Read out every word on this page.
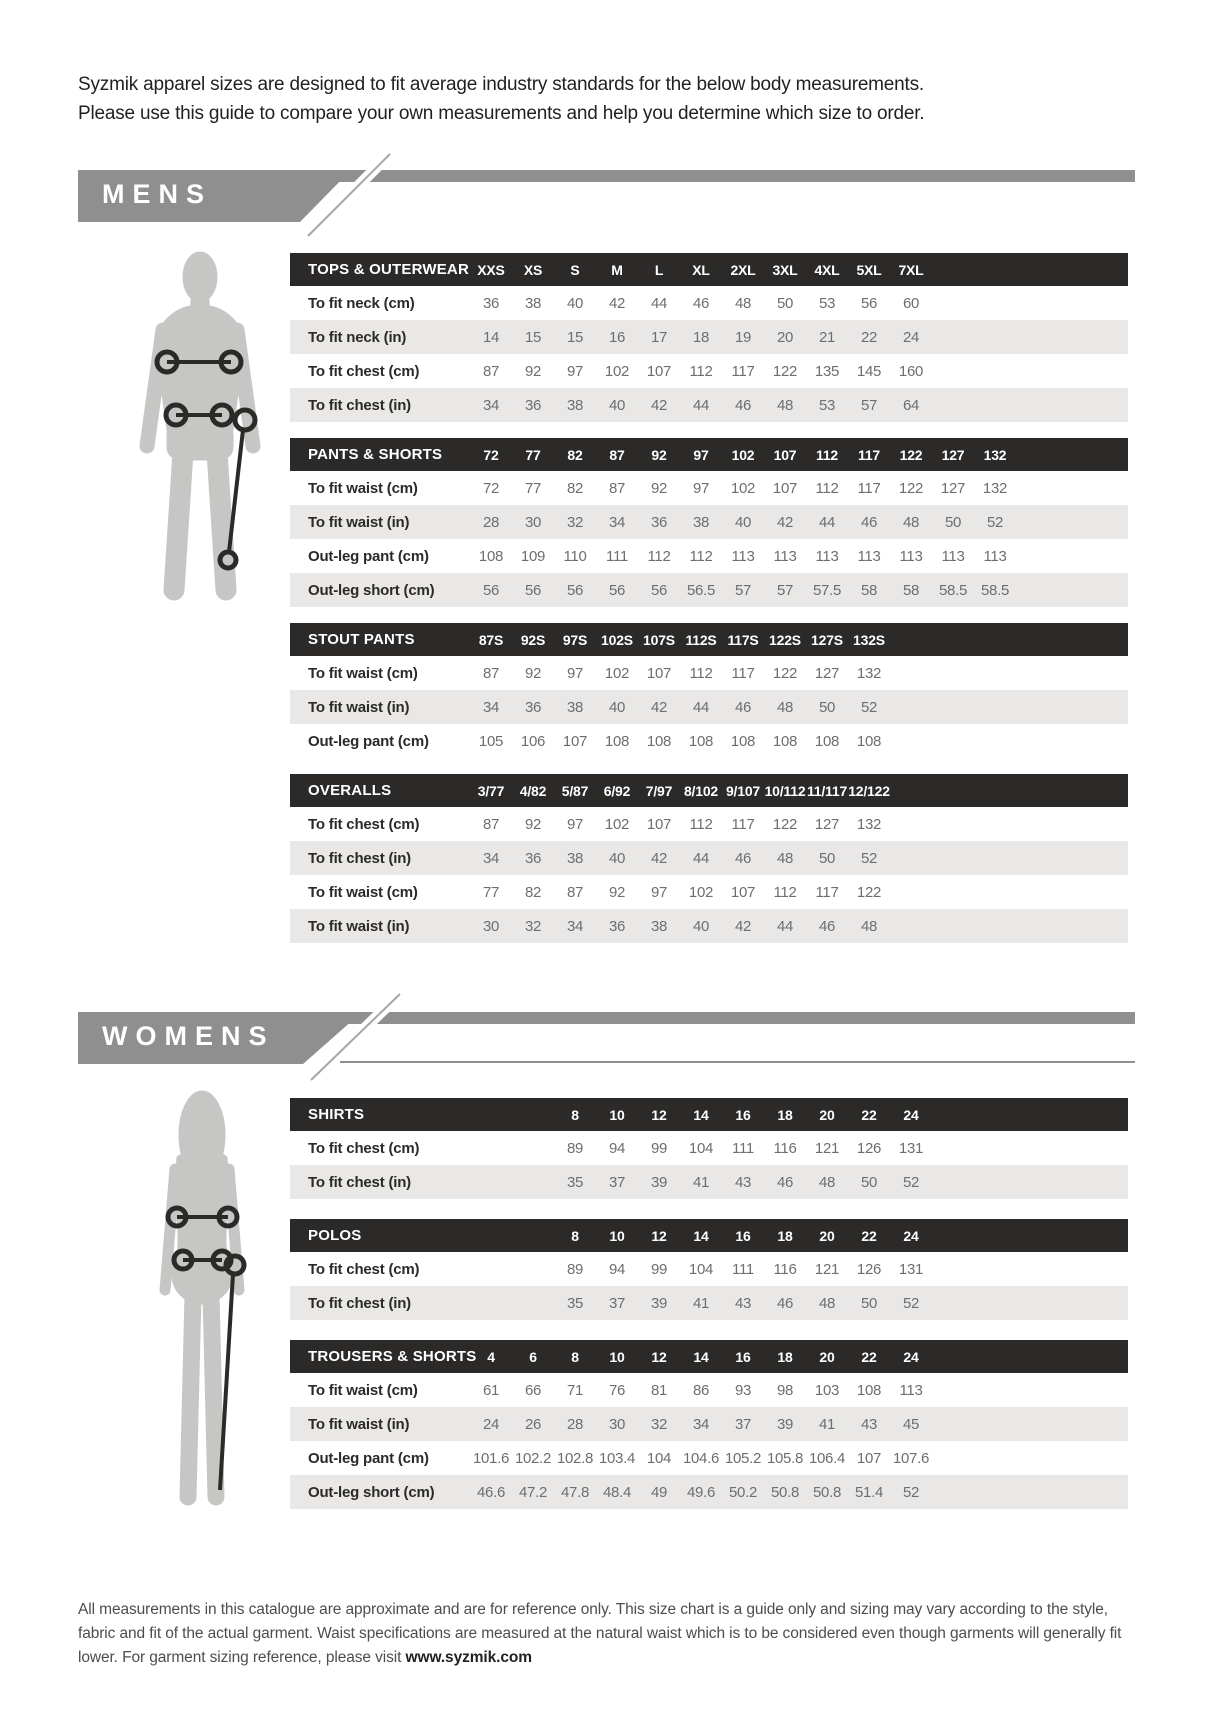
Syzmik apparel sizes are designed to fit average industry standards for the below body measurements.
Please use this guide to compare your own measurements and help you determine which size to order.
MENS
TOPS & OUTERWEAR XXS	XS	S	M	L	XL	2XL	3XL	4XL	5XL	7XL
To fit neck (cm)	36	38	40	42	44	46	48	50	53	56	60
To fit neck (in)	14	15	15	16	17	18	19	20	21	22	24
To fit chest (cm)	87	92	97	102	107	112	117	122	135	145	160
To fit chest (in)	34	36	38	40	42	44	46	48	53	57	64
PANTS & SHORTS	72	77	82	87	92	97	102	107	112	117	122	127	132
To fit waist (cm)	72	77	82	87	92	97	102	107	112	117	122	127	132
To fit waist (in)	28	30	32	34	36	38	40	42	44	46	48	50	52
Out-leg pant (cm)	108	109	110	111	112	112	113	113	113	113	113	113	113
Out-leg short (cm)	56	56	56	56	56	56.5	57	57	57.5	58	58	58.5 58.5
STOUT PANTS	87S	92S	97S 102S 107S 112S 117S 122S 127S 132S
To fit waist (cm)	87	92	97	102	107	112	117	122	127	132
To fit waist (in)	34	36	38	40	42	44	46	48	50	52
Out-leg pant (cm)	105	106	107	108	108	108	108	108	108	108
OVERALLS	3/77	4/82	5/87	6/92	7/97 8/102 9/107 10/112 11/117 12/122
To fit chest (cm)	87	92	97	102	107	112	117	122	127	132
To fit chest (in)	34	36	38	40	42	44	46	48	50	52
To fit waist (cm)	77	82	87	92	97	102	107	112	117	122
To fit waist (in)	30	32	34	36	38	40	42	44	46	48
WOMENS
SHIRTS	8	10	12	14	16	18	20	22	24
To fit chest (cm)	89	94	99	104	111	116	121	126	131
To fit chest (in)	35	37	39	41	43	46	48	50	52
POLOS	8	10	12	14	16	18	20	22	24
To fit chest (cm)	89	94	99	104	111	116	121	126	131
To fit chest (in)	35	37	39	41	43	46	48	50	52
TROUSERS & SHORTS 4	6	8	10	12	14	16	18	20	22	24
To fit waist (cm)	61	66	71	76	81	86	93	98	103	108	113
To fit waist (in)	24	26	28	30	32	34	37	39	41	43	45
Out-leg pant (cm)	101.6 102.2 102.8 103.4 104 104.6 105.2 105.8 106.4 107 107.6
Out-leg short (cm)	46.6 47.2 47.8 48.4	49	49.6 50.2 50.8 50.8 51.4	52
All measurements in this catalogue are approximate and are for reference only. This size chart is a guide only and sizing may vary according to the style, fabric and fit of the actual garment. Waist specifications are measured at the natural waist which is to be considered even though garments will generally fit lower. For garment sizing reference, please visit www.syzmik.com
